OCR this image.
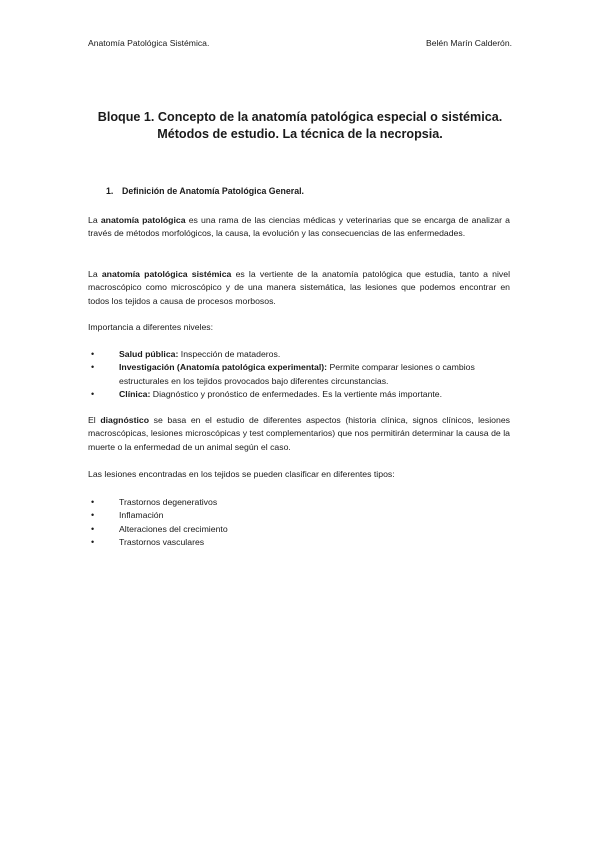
Anatomía Patológica Sistémica.	Belén Marín Calderón.
Bloque 1. Concepto de la anatomía patológica especial o sistémica.
Métodos de estudio. La técnica de la necropsia.
1. Definición de Anatomía Patológica General.
La anatomía patológica es una rama de las ciencias médicas y veterinarias que se encarga de analizar a través de métodos morfológicos, la causa, la evolución y las consecuencias de las enfermedades.
La anatomía patológica sistémica es la vertiente de la anatomía patológica que estudia, tanto a nivel macroscópico como microscópico y de una manera sistemática, las lesiones que podemos encontrar en todos los tejidos a causa de procesos morbosos.
Importancia a diferentes niveles:
•	Salud pública: Inspección de mataderos.
•	Investigación (Anatomía patológica experimental): Permite comparar lesiones o cambios estructurales en los tejidos provocados bajo diferentes circunstancias.
•	Clínica: Diagnóstico y pronóstico de enfermedades. Es la vertiente más importante.
El diagnóstico se basa en el estudio de diferentes aspectos (historia clínica, signos clínicos, lesiones macroscópicas, lesiones microscópicas y test complementarios) que nos permitirán determinar la causa de la muerte o la enfermedad de un animal según el caso.
Las lesiones encontradas en los tejidos se pueden clasificar en diferentes tipos:
•	Trastornos degenerativos
•	Inflamación
•	Alteraciones del crecimiento
•	Trastornos vasculares
